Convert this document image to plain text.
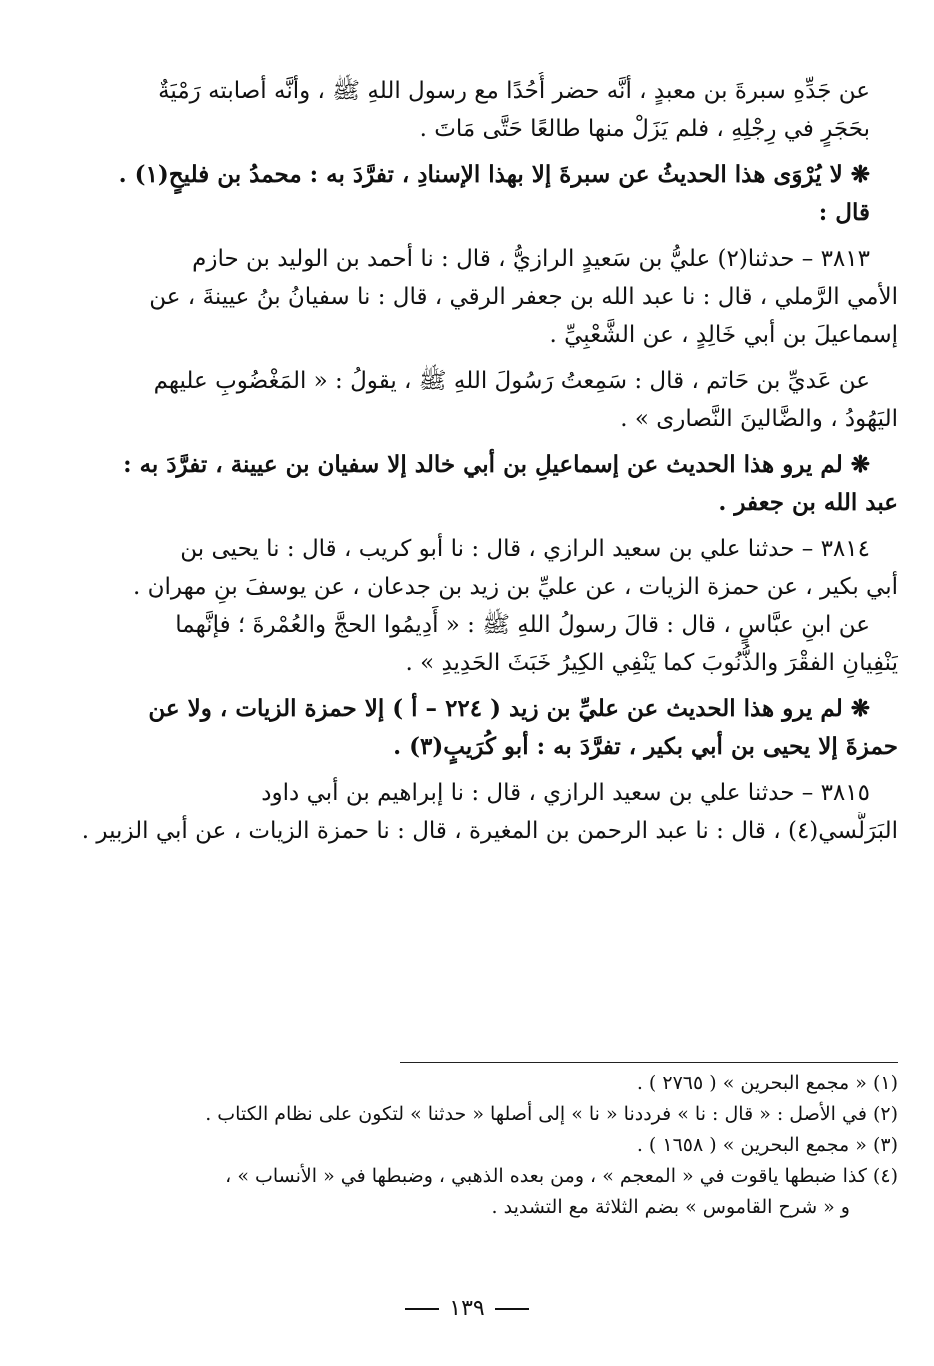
عن جَدِّهِ سبرةَ بن معبدٍ ، أنَّه حضر أُحُدًا مع رسول اللهِ ﷺ ، وأنَّه أصابته رَمْيَةٌ
بحَجَرٍ في رِجْلِهِ ، فلم يَزَلْ منها طالعًا حَتَّى مَاتَ .
❋ لا يُرْوَى هذا الحديثُ عن سبرةَ إلا بهذا الإسنادِ ، تفرَّدَ به : محمدُ بن فليحٍ(١) .
قال :
٣٨١٣ – حدثنا(٢) عليُّ بن سَعيدٍ الرازيُّ ، قال : نا أحمد بن الوليد بن حازم
الأمي الرَّملي ، قال : نا عبد الله بن جعفر الرقي ، قال : نا سفيانُ بنُ عيينةَ ، عن
إسماعيلَ بن أبي خَالِدٍ ، عن الشَّعْبِيِّ .
عن عَديِّ بن حَاتم ، قال : سَمِعتُ رَسُولَ اللهِ ﷺ ، يقولُ : « المَغْضُوبِ عليهم
اليَهُودُ ، والضَّالينَ النَّصارى » .
❋ لم يرو هذا الحديث عن إسماعيلِ بن أبي خالد إلا سفيان بن عيينة ، تفرَّدَ به :
عبد الله بن جعفر .
٣٨١٤ – حدثنا علي بن سعيد الرازي ، قال : نا أبو كريب ، قال : نا يحيى بن
أبي بكير ، عن حمزة الزيات ، عن عليِّ بن زيد بن جدعان ، عن يوسفَ بنِ مهران .
عن ابنِ عبَّاسٍ ، قال : قالَ رسولُ اللهِ ﷺ : « أَدِيمُوا الحجَّ والعُمْرةَ ؛ فإنَّهما
يَنْفِيانِ الفقْرَ والذُّنُوبَ كما يَنْفِي الكِيرُ خَبَثَ الحَدِيدِ » .
❋ لم يرو هذا الحديث عن عليِّ بن زيد ( ٢٢٤ – أ ) إلا حمزة الزيات ، ولا عن
حمزةَ إلا يحيى بن أبي بكير ، تفرَّدَ به : أبو كُرَيبٍ(٣) .
٣٨١٥ – حدثنا علي بن سعيد الرازي ، قال : نا إبراهيم بن أبي داود
البَرَلُّسي(٤) ، قال : نا عبد الرحمن بن المغيرة ، قال : نا حمزة الزيات ، عن أبي الزبير .
(١) « مجمع البحرين » ( ٢٧٦٥ ) .
(٢) في الأصل : « قال : نا » فرددنا « نا » إلى أصلها « حدثنا » لتكون على نظام الكتاب .
(٣) « مجمع البحرين » ( ١٦٥٨ ) .
(٤) كذا ضبطها ياقوت في « المعجم » ، ومن بعده الذهبي ، وضبطها في « الأنساب » ،
و « شرح القاموس » بضم الثلاثة مع التشديد .
١٣٩
